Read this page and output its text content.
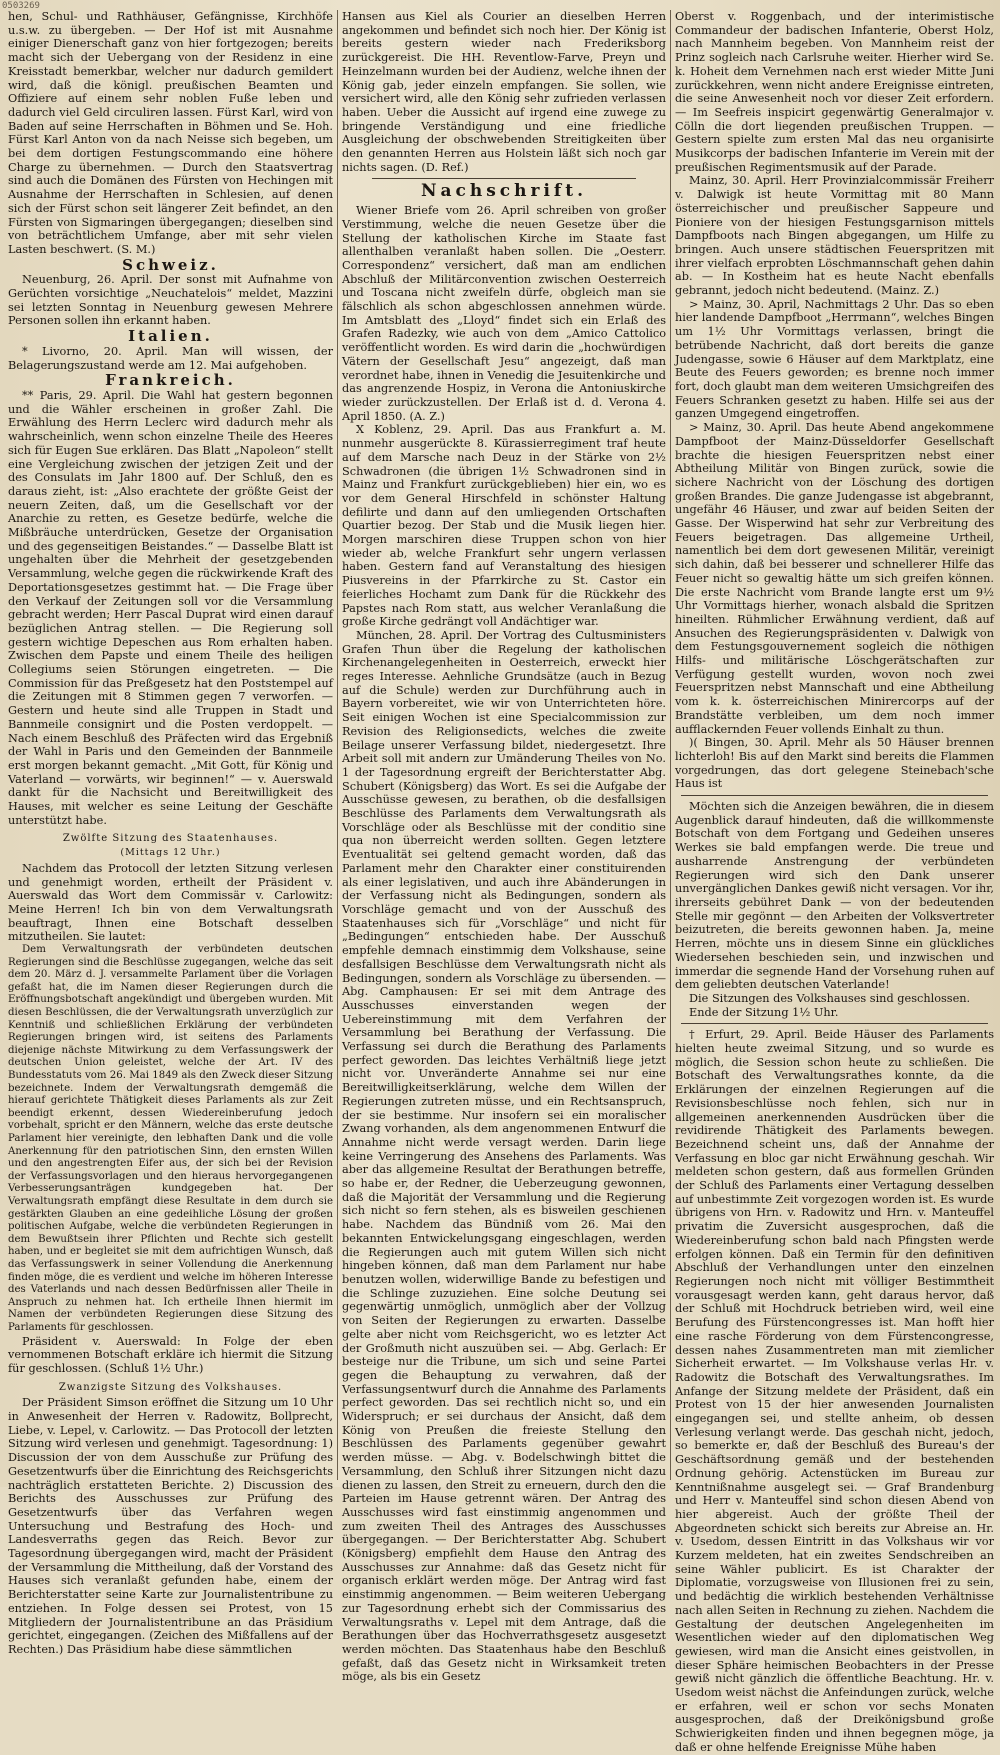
0503269

hen, Schul- und Rathhäuser, Gefängnisse, Kirchhöfe u.s.w. zu übergeben. — Der Hof ist mit Ausnahme einiger Dienerschaft ganz von hier fortgezogen; bereits macht sich der Uebergang von der Residenz in eine Kreisstadt bemerkbar, welcher nur dadurch gemildert wird, daß die königl. preußischen Beamten und Offiziere auf einem sehr noblen Fuße leben und dadurch viel Geld circuliren lassen. Fürst Karl, wird von Baden auf seine Herrschaften in Böhmen und Se. Hoh. Fürst Karl Anton von da nach Neisse sich begeben, um bei dem dortigen Festungscommando eine höhere Charge zu übernehmen. — Durch den Staatsvertrag sind auch die Domänen des Fürsten von Hechingen mit Ausnahme der Herrschaften in Schlesien, auf denen sich der Fürst schon seit längerer Zeit befindet, an den Fürsten von Sigmaringen übergegangen; dieselben sind von beträchtlichem Umfange, aber mit sehr vielen Lasten beschwert. (S. M.)

Schweiz.

Neuenburg, 26. April. Der sonst mit Aufnahme von Gerüchten vorsichtige „Neuchatelois“ meldet, Mazzini sei letzten Sonntag in Neuenburg gewesen Mehrere Personen sollen ihn erkannt haben.

Italien.

* Livorno, 20. April. Man will wissen, der Belagerungszustand werde am 12. Mai aufgehoben.

Frankreich.

** Paris, 29. April. Die Wahl hat gestern begonnen und die Wähler erscheinen in großer Zahl. Die Erwählung des Herrn Leclerc wird dadurch mehr als wahrscheinlich, wenn schon einzelne Theile des Heeres sich für Eugen Sue erklären. Das Blatt „Napoleon“ stellt eine Vergleichung zwischen der jetzigen Zeit und der des Consulats im Jahr 1800 auf. Der Schluß, den es daraus zieht, ist: „Also erachtete der größte Geist der neuern Zeiten, daß, um die Gesellschaft vor der Anarchie zu retten, es Gesetze bedürfe, welche die Mißbräuche unterdrücken, Gesetze der Organisation und des gegenseitigen Beistandes.“ — Dasselbe Blatt ist ungehalten über die Mehrheit der gesetzgebenden Versammlung, welche gegen die rückwirkende Kraft des Deportationsgesetzes gestimmt hat. — Die Frage über den Verkauf der Zeitungen soll vor die Versammlung gebracht werden; Herr Pascal Duprat wird einen darauf bezüglichen Antrag stellen. — Die Regierung soll gestern wichtige Depeschen aus Rom erhalten haben. Zwischen dem Papste und einem Theile des heiligen Collegiums seien Störungen eingetreten. — Die Commission für das Preßgesetz hat den Poststempel auf die Zeitungen mit 8 Stimmen gegen 7 verworfen. — Gestern und heute sind alle Truppen in Stadt und Bannmeile consignirt und die Posten verdoppelt. — Nach einem Beschluß des Präfecten wird das Ergebniß der Wahl in Paris und den Gemeinden der Bannmeile erst morgen bekannt gemacht. „Mit Gott, für König und Vaterland — vorwärts, wir beginnen!“ — v. Auerswald dankt für die Nachsicht und Bereitwilligkeit des Hauses, mit welcher es seine Leitung der Geschäfte unterstützt habe.

Zwölfte Sitzung des Staatenhauses.
(Mittags 12 Uhr.)

Nachdem das Protocoll der letzten Sitzung verlesen und genehmigt worden, ertheilt der Präsident v. Auerswald das Wort dem Commissär v. Carlowitz: Meine Herren! Ich bin von dem Verwaltungsrath beauftragt, Ihnen eine Botschaft desselben mitzutheilen. Sie lautet:

Dem Verwaltungsrath der verbündeten deutschen Regierungen sind die Beschlüsse zugegangen, welche das seit dem 20. März d. J. versammelte Parlament über die Vorlagen gefaßt hat, die im Namen dieser Regierungen durch die Eröffnungsbotschaft angekündigt und übergeben wurden. Mit diesen Beschlüssen, die der Verwaltungsrath unverzüglich zur Kenntniß und schließlichen Erklärung der verbündeten Regierungen bringen wird, ist seitens des Parlaments diejenige nächste Mitwirkung zu dem Verfassungswerk der deutschen Union geleistet, welche der Art. IV des Bundesstatuts vom 26. Mai 1849 als den Zweck dieser Sitzung bezeichnete. Indem der Verwaltungsrath demgemäß die hierauf gerichtete Thätigkeit dieses Parlaments als zur Zeit beendigt erkennt, dessen Wiedereinberufung jedoch vorbehalt, spricht er den Männern, welche das erste deutsche Parlament hier vereinigte, den lebhaften Dank und die volle Anerkennung für den patriotischen Sinn, den ernsten Willen und den angestrengten Eifer aus, der sich bei der Revision der Verfassungsvorlagen und den hieraus hervorgegangenen Verbesserungsanträgen kundgegeben hat. Der Verwaltungsrath empfängt diese Resultate in dem durch sie gestärkten Glauben an eine gedeihliche Lösung der großen politischen Aufgabe, welche die verbündeten Regierungen in dem Bewußtsein ihrer Pflichten und Rechte sich gestellt haben, und er begleitet sie mit dem aufrichtigen Wunsch, daß das Verfassungswerk in seiner Vollendung die Anerkennung finden möge, die es verdient und welche im höheren Interesse des Vaterlands und nach dessen Bedürfnissen aller Theile in Anspruch zu nehmen hat. Ich ertheile Ihnen hiermit im Namen der verbündeten Regierungen diese Sitzung des Parlaments für geschlossen.

Präsident v. Auerswald: In Folge der eben vernommenen Botschaft erkläre ich hiermit die Sitzung für geschlossen. (Schluß 1½ Uhr.)

Zwanzigste Sitzung des Volkshauses.

Der Präsident Simson eröffnet die Sitzung um 10 Uhr in Anwesenheit der Herren v. Radowitz, Bollprecht, Liebe, v. Lepel, v. Carlowitz. — Das Protocoll der letzten Sitzung wird verlesen und genehmigt. Tagesordnung: 1) Discussion der von dem Ausschuße zur Prüfung des Gesetzentwurfs über die Einrichtung des Reichsgerichts nachträglich erstatteten Berichte. 2) Discussion des Berichts des Ausschusses zur Prüfung des Gesetzentwurfs über das Verfahren wegen Untersuchung und Bestrafung des Hoch- und Landesverraths gegen das Reich. Bevor zur Tagesordnung übergegangen wird, macht der Präsident der Versammlung die Mittheilung, daß der Vorstand des Hauses sich veranlaßt gefunden habe, einem der Berichterstatter seine Karte zur Journalistentribune zu entziehen. In Folge dessen sei Protest, von 15 Mitgliedern der Journalistentribune an das Präsidium gerichtet, eingegangen. (Zeichen des Mißfallens auf der Rechten.) Das Präsidium habe diese sämmtlichen

Hansen aus Kiel als Courier an dieselben Herren angekommen und befindet sich noch hier. Der König ist bereits gestern wieder nach Frederiksborg zurückgereist. Die HH. Reventlow-Farve, Preyn und Heinzelmann wurden bei der Audienz, welche ihnen der König gab, jeder einzeln empfangen. Sie sollen, wie versichert wird, alle den König sehr zufrieden verlassen haben. Ueber die Aussicht auf irgend eine zuwege zu bringende Verständigung und eine friedliche Ausgleichung der obschwebenden Streitigkeiten über den genannten Herren aus Holstein läßt sich noch gar nichts sagen. (D. Ref.)

Nachschrift.

Wiener Briefe vom 26. April schreiben von großer Verstimmung, welche die neuen Gesetze über die Stellung der katholischen Kirche im Staate fast allenthalben veranlaßt haben sollen. Die „Oesterr. Correspondenz“ versichert, daß man am endlichen Abschluß der Militärconvention zwischen Oesterreich und Toscana nicht zweifeln dürfe, obgleich man sie fälschlich als schon abgeschlossen annehmen würde. Im Amtsblatt des „Lloyd“ findet sich ein Erlaß des Grafen Radezky, wie auch von dem „Amico Cattolico veröffentlicht worden. Es wird darin die „hochwürdigen Vätern der Gesellschaft Jesu“ angezeigt, daß man verordnet habe, ihnen in Venedig die Jesuitenkirche und das angrenzende Hospiz, in Verona die Antoniuskirche wieder zurückzustellen. Der Erlaß ist d. d. Verona 4. April 1850. (A. Z.)

X Koblenz, 29. April. Das aus Frankfurt a. M. nunmehr ausgerückte 8. Kürassierregiment traf heute auf dem Marsche nach Deuz in der Stärke von 2½ Schwadronen (die übrigen 1½ Schwadronen sind in Mainz und Frankfurt zurückgeblieben) hier ein, wo es vor dem General Hirschfeld in schönster Haltung defilirte und dann auf den umliegenden Ortschaften Quartier bezog. Der Stab und die Musik liegen hier. Morgen marschiren diese Truppen schon von hier wieder ab, welche Frankfurt sehr ungern verlassen haben. Gestern fand auf Veranstaltung des hiesigen Piusvereins in der Pfarrkirche zu St. Castor ein feierliches Hochamt zum Dank für die Rückkehr des Papstes nach Rom statt, aus welcher Veranlaßung die große Kirche gedrängt voll Andächtiger war.

München, 28. April. Der Vortrag des Cultusministers Grafen Thun über die Regelung der katholischen Kirchenangelegenheiten in Oesterreich, erweckt hier reges Interesse. Aehnliche Grundsätze (auch in Bezug auf die Schule) werden zur Durchführung auch in Bayern vorbereitet, wie wir von Unterrichteten höre. Seit einigen Wochen ist eine Specialcommission zur Revision des Religionsedicts, welches die zweite Beilage unserer Verfassung bildet, niedergesetzt. Ihre Arbeit soll mit andern zur Umänderung Theiles von No. 1 der Tagesordnung ergreift der Berichterstatter Abg. Schubert (Königsberg) das Wort. Es sei die Aufgabe der Ausschüsse gewesen, zu berathen, ob die desfallsigen Beschlüsse des Parlaments dem Verwaltungsrath als Vorschläge oder als Beschlüsse mit der conditio sine qua non überreicht werden sollten. Gegen letztere Eventualität sei geltend gemacht worden, daß das Parlament mehr den Charakter einer constituirenden als einer legislativen, und auch ihre Abänderungen in der Verfassung nicht als Bedingungen, sondern als Vorschläge gemacht und von der Ausschuß des Staatenhauses sich für „Vorschläge“ und nicht für „Bedingungen“ entschieden habe. Der Ausschuß empfehle demnach einstimmig dem Volkshause, seine desfallsigen Beschlüsse dem Verwaltungsrath nicht als Bedingungen, sondern als Vorschläge zu übersenden. — Abg. Camphausen: Er sei mit dem Antrage des Ausschusses einverstanden wegen der Uebereinstimmung mit dem Verfahren der Versammlung bei Berathung der Verfassung. Die Verfassung sei durch die Berathung des Parlaments perfect geworden. Das leichtes Verhältniß liege jetzt nicht vor. Unveränderte Annahme sei nur eine Bereitwilligkeitserklärung, welche dem Willen der Regierungen zutreten müsse, und ein Rechtsanspruch, der sie bestimme. Nur insofern sei ein moralischer Zwang vorhanden, als dem angenommenen Entwurf die Annahme nicht werde versagt werden. Darin liege keine Verringerung des Ansehens des Parlaments. Was aber das allgemeine Resultat der Berathungen betreffe, so habe er, der Redner, die Ueberzeugung gewonnen, daß die Majorität der Versammlung und die Regierung sich nicht so fern stehen, als es bisweilen geschienen habe. Nachdem das Bündniß vom 26. Mai den bekannten Entwickelungsgang eingeschlagen, werden die Regierungen auch mit gutem Willen sich nicht hingeben können, daß man dem Parlament nur habe benutzen wollen, widerwillige Bande zu befestigen und die Schlinge zuzuziehen. Eine solche Deutung sei gegenwärtig unmöglich, unmöglich aber der Vollzug von Seiten der Regierungen zu erwarten. Dasselbe gelte aber nicht vom Reichsgericht, wo es letzter Act der Großmuth nicht auszuüben sei. — Abg. Gerlach: Er besteige nur die Tribune, um sich und seine Partei gegen die Behauptung zu verwahren, daß der Verfassungsentwurf durch die Annahme des Parlaments perfect geworden. Das sei rechtlich nicht so, und ein Widerspruch; er sei durchaus der Ansicht, daß dem König von Preußen die freieste Stellung den Beschlüssen des Parlaments gegenüber gewahrt werden müsse. — Abg. v. Bodelschwingh bittet die Versammlung, den Schluß ihrer Sitzungen nicht dazu dienen zu lassen, den Streit zu erneuern, durch den die Parteien im Hause getrennt wären. Der Antrag des Ausschusses wird fast einstimmig angenommen und zum zweiten Theil des Antrages des Ausschusses übergegangen. — Der Berichterstatter Abg. Schubert (Königsberg) empfiehlt dem Hause den Antrag des Ausschusses zur Annahme: daß das Gesetz nicht für organisch erklärt werden möge. Der Antrag wird fast einstimmig angenommen. — Beim weiteren Uebergang zur Tagesordnung erhebt sich der Commissarius des Verwaltungsraths v. Lepel mit dem Antrage, daß die Berathungen über das Hochverrathsgesetz ausgesetzt werden möchten. Das Staatenhaus habe den Beschluß gefaßt, daß das Gesetz nicht in Wirksamkeit treten möge, als bis ein Gesetz

Oberst v. Roggenbach, und der interimistische Commandeur der badischen Infanterie, Oberst Holz, nach Mannheim begeben. Von Mannheim reist der Prinz sogleich nach Carlsruhe weiter. Hierher wird Se. k. Hoheit dem Vernehmen nach erst wieder Mitte Juni zurückkehren, wenn nicht andere Ereignisse eintreten, die seine Anwesenheit noch vor dieser Zeit erfordern. — Im Seefreis inspicirt gegenwärtig Generalmajor v. Cölln die dort liegenden preußischen Truppen. — Gestern spielte zum ersten Mal das neu organisirte Musikcorps der badischen Infanterie im Verein mit der preußischen Regimentsmusik auf der Parade.

Mainz, 30. April. Herr Provinzialcommissär Freiherr v. Dalwigk ist heute Vormittag mit 80 Mann österreichischer und preußischer Sappeure und Pioniere von der hiesigen Festungsgarnison mittels Dampfboots nach Bingen abgegangen, um Hilfe zu bringen. Auch unsere städtischen Feuerspritzen mit ihrer vielfach erprobten Löschmannschaft gehen dahin ab. — In Kostheim hat es heute Nacht ebenfalls gebrannt, jedoch nicht bedeutend. (Mainz. Z.)

> Mainz, 30. April, Nachmittags 2 Uhr. Das so eben hier landende Dampfboot „Herrmann“, welches Bingen um 1½ Uhr Vormittags verlassen, bringt die betrübende Nachricht, daß dort bereits die ganze Judengasse, sowie 6 Häuser auf dem Marktplatz, eine Beute des Feuers geworden; es brenne noch immer fort, doch glaubt man dem weiteren Umsichgreifen des Feuers Schranken gesetzt zu haben. Hilfe sei aus der ganzen Umgegend eingetroffen.

> Mainz, 30. April. Das heute Abend angekommene Dampfboot der Mainz-Düsseldorfer Gesellschaft brachte die hiesigen Feuerspritzen nebst einer Abtheilung Militär von Bingen zurück, sowie die sichere Nachricht von der Löschung des dortigen großen Brandes. Die ganze Judengasse ist abgebrannt, ungefähr 46 Häuser, und zwar auf beiden Seiten der Gasse. Der Wisperwind hat sehr zur Verbreitung des Feuers beigetragen. Das allgemeine Urtheil, namentlich bei dem dort gewesenen Militär, vereinigt sich dahin, daß bei besserer und schnellerer Hilfe das Feuer nicht so gewaltig hätte um sich greifen können. Die erste Nachricht vom Brande langte erst um 9½ Uhr Vormittags hierher, wonach alsbald die Spritzen hineilten. Rühmlicher Erwähnung verdient, daß auf Ansuchen des Regierungspräsidenten v. Dalwigk von dem Festungsgouvernement sogleich die nöthigen Hilfs- und militärische Löschgerätschaften zur Verfügung gestellt wurden, wovon noch zwei Feuerspritzen nebst Mannschaft und eine Abtheilung vom k. k. österreichischen Minirercorps auf der Brandstätte verbleiben, um dem noch immer aufflackernden Feuer vollends Einhalt zu thun.

)( Bingen, 30. April. Mehr als 50 Häuser brennen lichterloh! Bis auf den Markt sind bereits die Flammen vorgedrungen, das dort gelegene Steinebach'sche Haus ist

Möchten sich die Anzeigen bewähren, die in diesem Augenblick darauf hindeuten, daß die willkommenste Botschaft von dem Fortgang und Gedeihen unseres Werkes sie bald empfangen werde. Die treue und ausharrende Anstrengung der verbündeten Regierungen wird sich den Dank unserer unvergänglichen Dankes gewiß nicht versagen. Vor ihr, ihrerseits gebühret Dank — von der bedeutenden Stelle mir gegönnt — den Arbeiten der Volksvertreter beizutreten, die bereits gewonnen haben. Ja, meine Herren, möchte uns in diesem Sinne ein glückliches Wiedersehen beschieden sein, und inzwischen und immerdar die segnende Hand der Vorsehung ruhen auf dem geliebten deutschen Vaterlande!

Die Sitzungen des Volkshauses sind geschlossen.

Ende der Sitzung 1½ Uhr.

† Erfurt, 29. April. Beide Häuser des Parlaments hielten heute zweimal Sitzung, und so wurde es möglich, die Session schon heute zu schließen. Die Botschaft des Verwaltungsrathes konnte, da die Erklärungen der einzelnen Regierungen auf die Revisionsbeschlüsse noch fehlen, sich nur in allgemeinen anerkennenden Ausdrücken über die revidirende Thätigkeit des Parlaments bewegen. Bezeichnend scheint uns, daß der Annahme der Verfassung en bloc gar nicht Erwähnung geschah. Wir meldeten schon gestern, daß aus formellen Gründen der Schluß des Parlaments einer Vertagung desselben auf unbestimmte Zeit vorgezogen worden ist. Es wurde übrigens von Hrn. v. Radowitz und Hrn. v. Manteuffel privatim die Zuversicht ausgesprochen, daß die Wiedereinberufung schon bald nach Pfingsten werde erfolgen können. Daß ein Termin für den definitiven Abschluß der Verhandlungen unter den einzelnen Regierungen noch nicht mit völliger Bestimmtheit vorausgesagt werden kann, geht daraus hervor, daß der Schluß mit Hochdruck betrieben wird, weil eine Berufung des Fürstencongresses ist. Man hofft hier eine rasche Förderung von dem Fürstencongresse, dessen nahes Zusammentreten man mit ziemlicher Sicherheit erwartet. — Im Volkshause verlas Hr. v. Radowitz die Botschaft des Verwaltungsrathes. Im Anfange der Sitzung meldete der Präsident, daß ein Protest von 15 der hier anwesenden Journalisten eingegangen sei, und stellte anheim, ob dessen Verlesung verlangt werde. Das geschah nicht, jedoch, so bemerkte er, daß der Beschluß des Bureau's der Geschäftsordnung gemäß und der bestehenden Ordnung gehörig. Actenstücken im Bureau zur Kenntnißnahme ausgelegt sei. — Graf Brandenburg und Herr v. Manteuffel sind schon diesen Abend von hier abgereist. Auch der größte Theil der Abgeordneten schickt sich bereits zur Abreise an. Hr. v. Usedom, dessen Eintritt in das Volkshaus wir vor Kurzem meldeten, hat ein zweites Sendschreiben an seine Wähler publicirt. Es ist Charakter der Diplomatie, vorzugsweise von Illusionen frei zu sein, und bedächtig die wirklich bestehenden Verhältnisse nach allen Seiten in Rechnung zu ziehen. Nachdem die Gestaltung der deutschen Angelegenheiten im Wesentlichen wieder auf den diplomatischen Weg gewiesen, wird man die Ansicht eines geistvollen, in dieser Sphäre heimischen Beobachters in der Presse gewiß nicht gänzlich die öffentliche Beachtung. Hr. v. Usedom weist nächst die Anfeindungen zurück, welche er erfahren, weil er schon vor sechs Monaten ausgesprochen, daß der Dreikönigsbund große Schwierigkeiten finden und ihnen begegnen möge, ja daß er ohne helfende Ereignisse Mühe haben
